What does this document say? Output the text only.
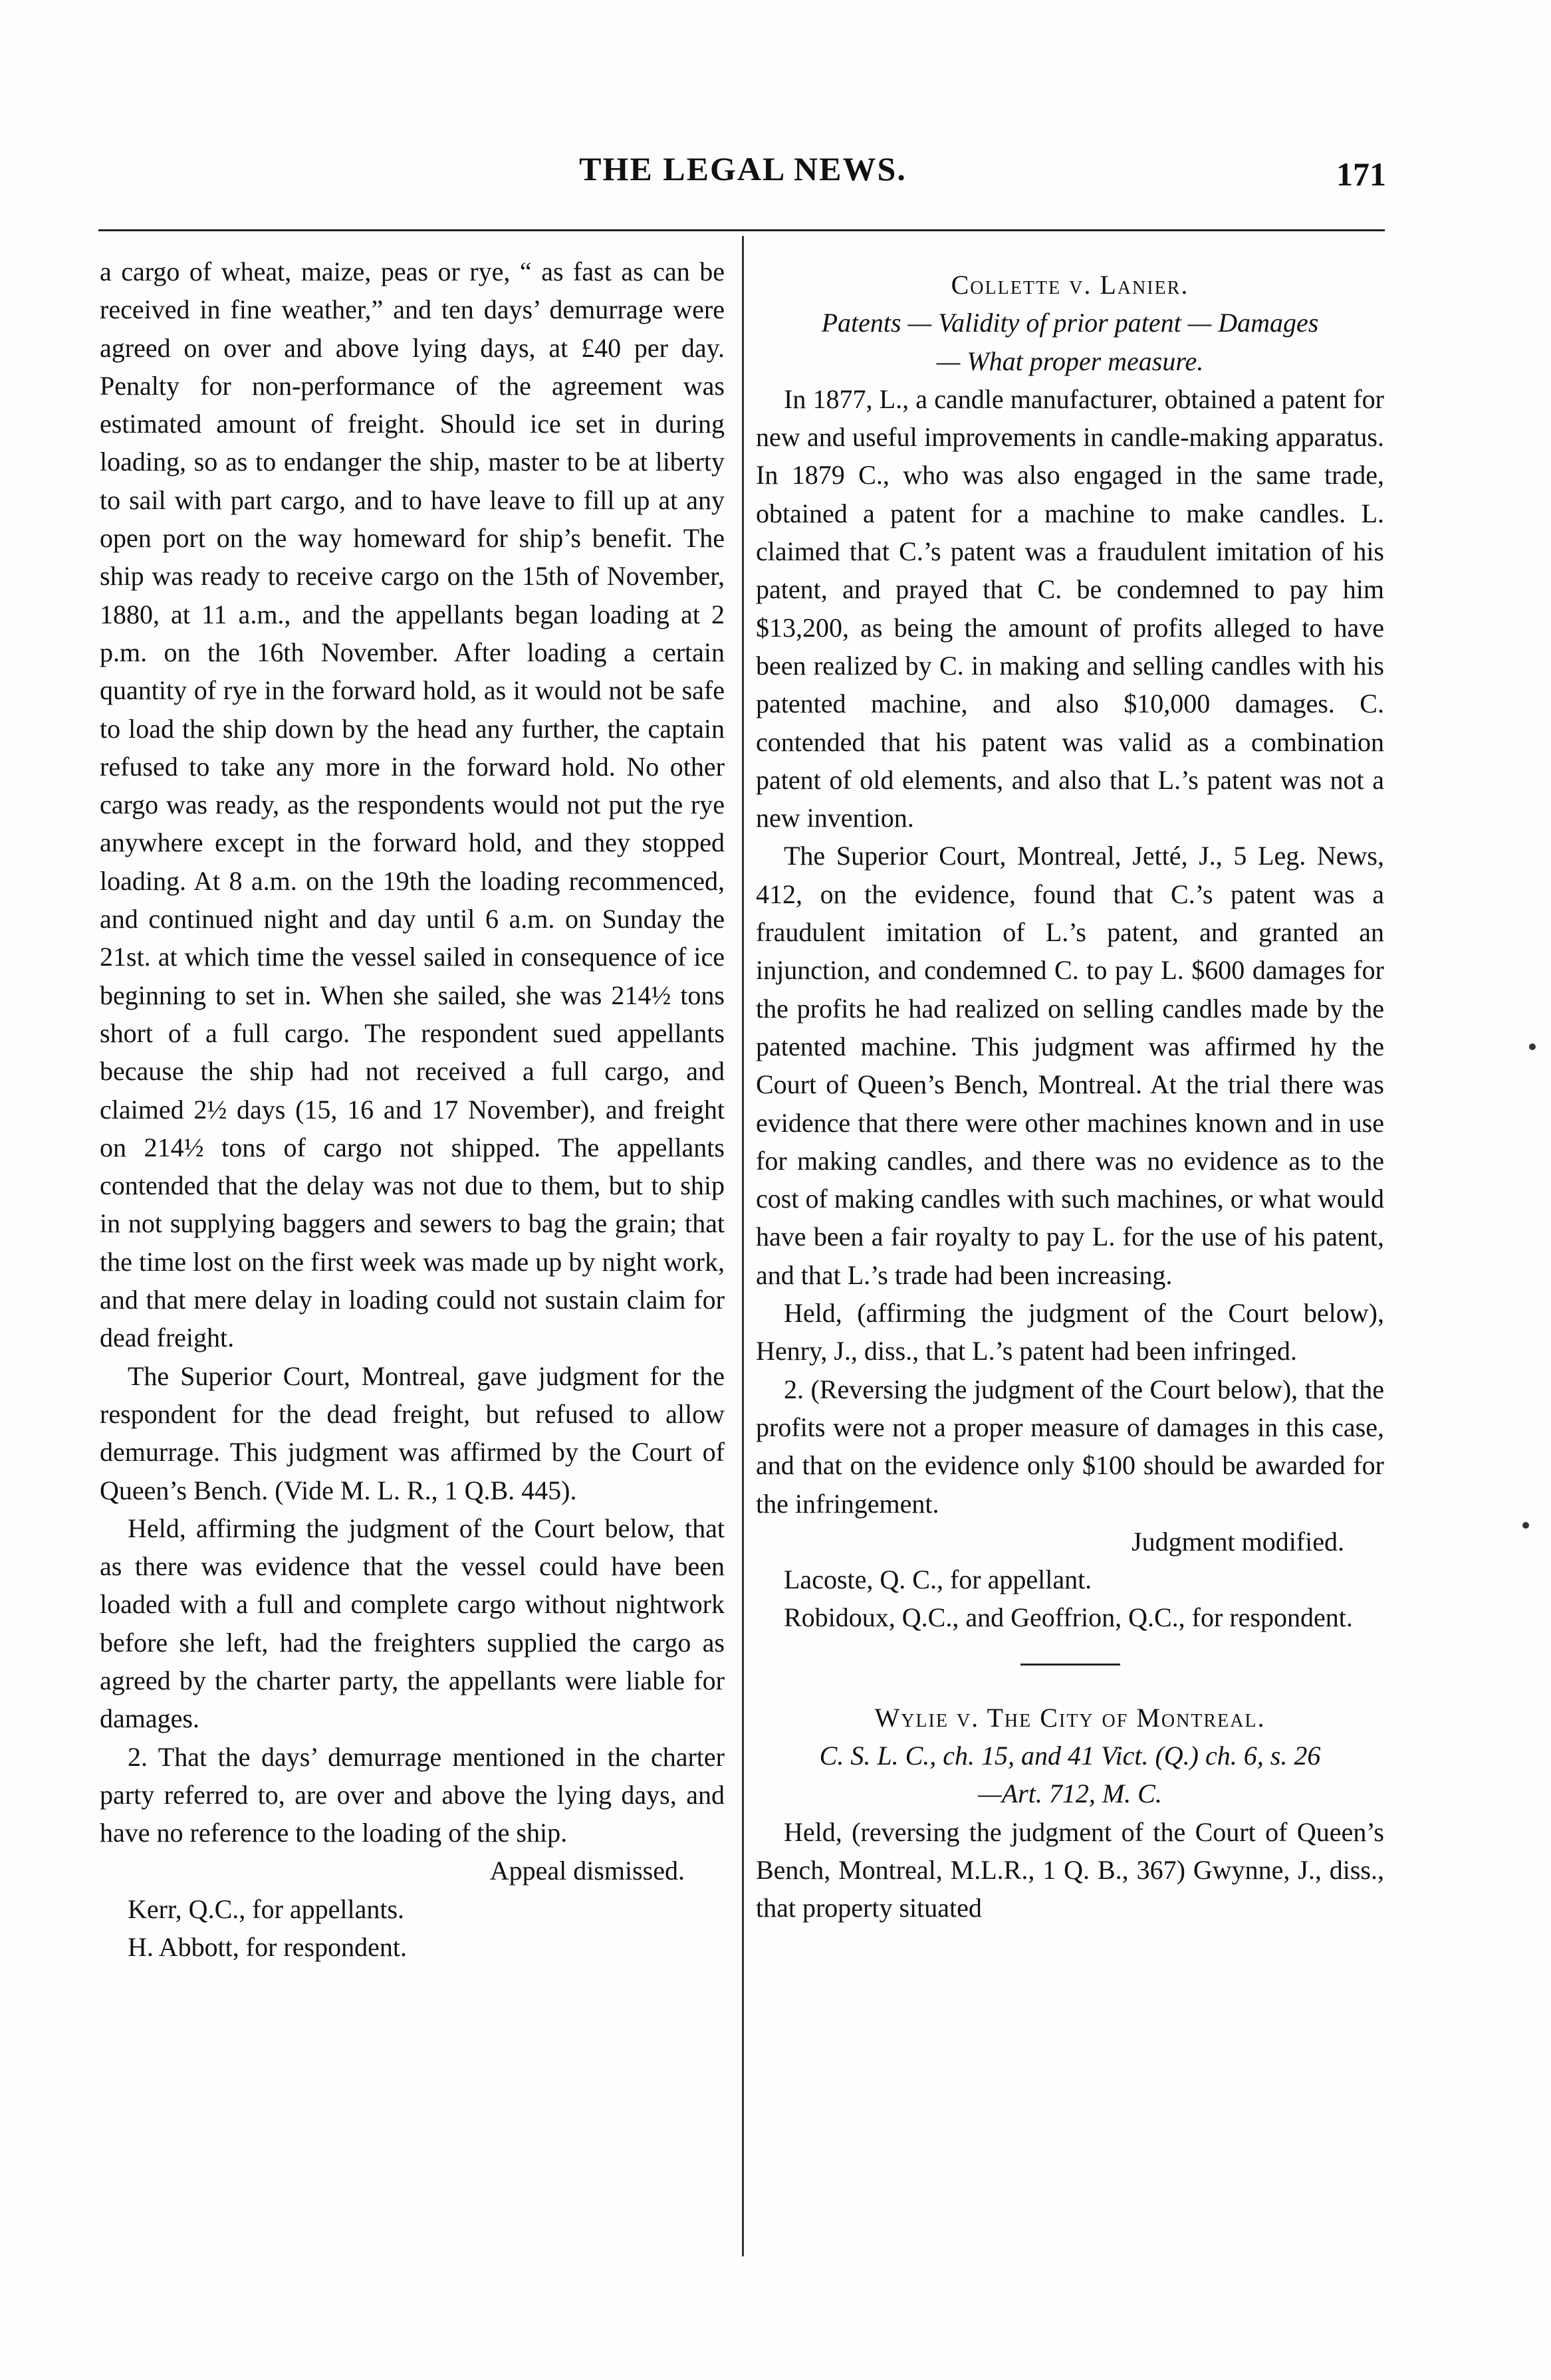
THE LEGAL NEWS.	171

a cargo of wheat, maize, peas or rye, “ as fast as can be received in fine weather,” and ten days’ demurrage were agreed on over and above lying days, at £40 per day. Penalty for non-performance of the agreement was estimated amount of freight. Should ice set in during loading, so as to endanger the ship, master to be at liberty to sail with part cargo, and to have leave to fill up at any open port on the way homeward for ship’s benefit. The ship was ready to receive cargo on the 15th of November, 1880, at 11 a.m., and the appellants began loading at 2 p.m. on the 16th November. After loading a certain quantity of rye in the forward hold, as it would not be safe to load the ship down by the head any further, the captain refused to take any more in the forward hold. No other cargo was ready, as the respondents would not put the rye anywhere except in the forward hold, and they stopped loading. At 8 a.m. on the 19th the loading recommenced, and continued night and day until 6 a.m. on Sunday the 21st. at which time the vessel sailed in consequence of ice beginning to set in. When she sailed, she was 214½ tons short of a full cargo. The respondent sued appellants because the ship had not received a full cargo, and claimed 2½ days (15, 16 and 17 November), and freight on 214½ tons of cargo not shipped. The appellants contended that the delay was not due to them, but to ship in not supplying baggers and sewers to bag the grain; that the time lost on the first week was made up by night work, and that mere delay in loading could not sustain claim for dead freight.

The Superior Court, Montreal, gave judgment for the respondent for the dead freight, but refused to allow demurrage. This judgment was affirmed by the Court of Queen’s Bench. (Vide M. L. R., 1 Q.B. 445).

Held, affirming the judgment of the Court below, that as there was evidence that the vessel could have been loaded with a full and complete cargo without nightwork before she left, had the freighters supplied the cargo as agreed by the charter party, the appellants were liable for damages.

2. That the days’ demurrage mentioned in the charter party referred to, are over and above the lying days, and have no reference to the loading of the ship.

Appeal dismissed.

Kerr, Q.C., for appellants.

H. Abbott, for respondent.

Collette v. Lanier.

Patents — Validity of prior patent — Damages

— What proper measure.

In 1877, L., a candle manufacturer, obtained a patent for new and useful improvements in candle-making apparatus. In 1879 C., who was also engaged in the same trade, obtained a patent for a machine to make candles. L. claimed that C.’s patent was a fraudulent imitation of his patent, and prayed that C. be condemned to pay him $13,200, as being the amount of profits alleged to have been realized by C. in making and selling candles with his patented machine, and also $10,000 damages. C. contended that his patent was valid as a combination patent of old elements, and also that L.’s patent was not a new invention.

The Superior Court, Montreal, Jetté, J., 5 Leg. News, 412, on the evidence, found that C.’s patent was a fraudulent imitation of L.’s patent, and granted an injunction, and condemned C. to pay L. $600 damages for the profits he had realized on selling candles made by the patented machine. This judgment was affirmed hy the Court of Queen’s Bench, Montreal. At the trial there was evidence that there were other machines known and in use for making candles, and there was no evidence as to the cost of making candles with such machines, or what would have been a fair royalty to pay L. for the use of his patent, and that L.’s trade had been increasing.

Held, (affirming the judgment of the Court below), Henry, J., diss., that L.’s patent had been infringed.

2. (Reversing the judgment of the Court below), that the profits were not a proper measure of damages in this case, and that on the evidence only $100 should be awarded for the infringement.

Judgment modified.

Lacoste, Q. C., for appellant.

Robidoux, Q.C., and Geoffrion, Q.C., for respondent.

Wylie v. The City of Montreal.

C. S. L. C., ch. 15, and 41 Vict. (Q.) ch. 6, s. 26

—Art. 712, M. C.

Held, (reversing the judgment of the Court of Queen’s Bench, Montreal, M.L.R., 1 Q. B., 367) Gwynne, J., diss., that property situated
